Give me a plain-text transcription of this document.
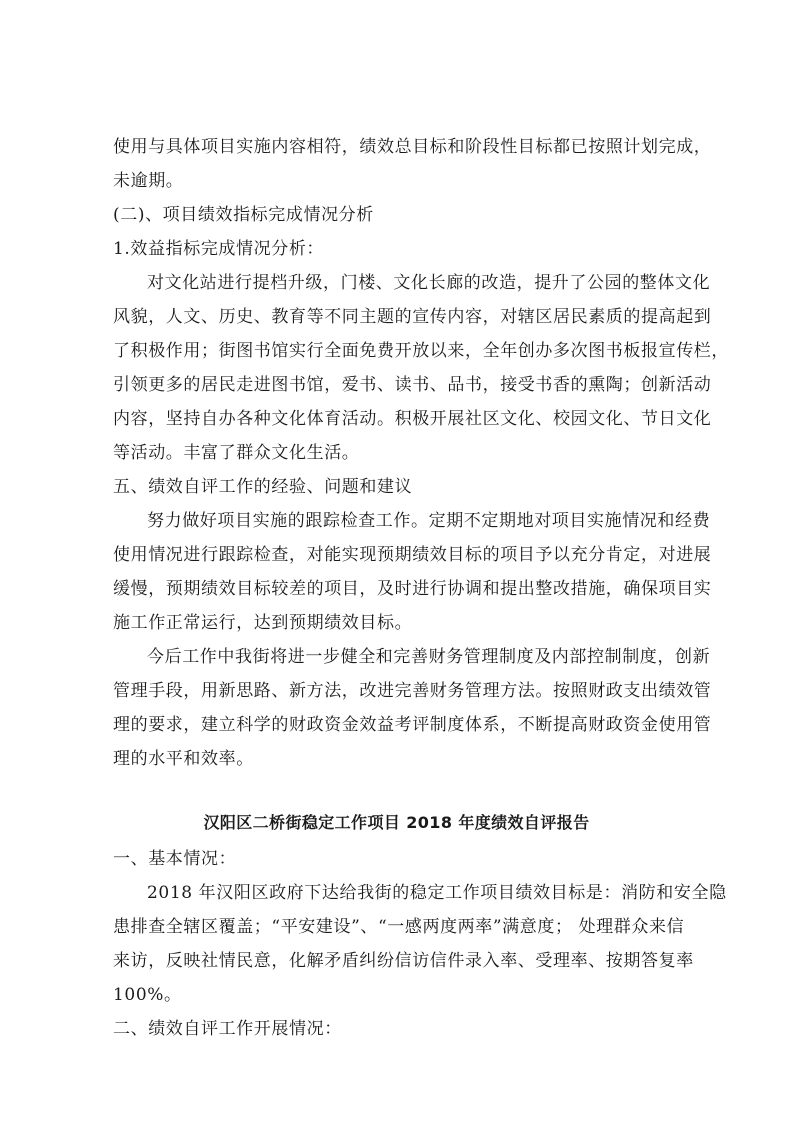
使用与具体项目实施内容相符，绩效总目标和阶段性目标都已按照计划完成，
未逾期。
(二)、项目绩效指标完成情况分析
1.效益指标完成情况分析：
对文化站进行提档升级，门楼、文化长廊的改造，提升了公园的整体文化
风貌，人文、历史、教育等不同主题的宣传内容，对辖区居民素质的提高起到
了积极作用；街图书馆实行全面免费开放以来，全年创办多次图书板报宣传栏，
引领更多的居民走进图书馆，爱书、读书、品书，接受书香的熏陶；创新活动
内容，坚持自办各种文化体育活动。积极开展社区文化、校园文化、节日文化
等活动。丰富了群众文化生活。
五、绩效自评工作的经验、问题和建议
努力做好项目实施的跟踪检查工作。定期不定期地对项目实施情况和经费
使用情况进行跟踪检查，对能实现预期绩效目标的项目予以充分肯定，对进展
缓慢，预期绩效目标较差的项目，及时进行协调和提出整改措施，确保项目实
施工作正常运行，达到预期绩效目标。
今后工作中我街将进一步健全和完善财务管理制度及内部控制制度，创新
管理手段，用新思路、新方法，改进完善财务管理方法。按照财政支出绩效管
理的要求，建立科学的财政资金效益考评制度体系，不断提高财政资金使用管
理的水平和效率。
汉阳区二桥街稳定工作项目 2018 年度绩效自评报告
一、基本情况：
2018 年汉阳区政府下达给我街的稳定工作项目绩效目标是：消防和安全隐
患排查全辖区覆盖；“平安建设”、“一感两度两率”满意度； 处理群众来信
来访，反映社情民意，化解矛盾纠纷信访信件录入率、受理率、按期答复率
100%。
二、绩效自评工作开展情况：
